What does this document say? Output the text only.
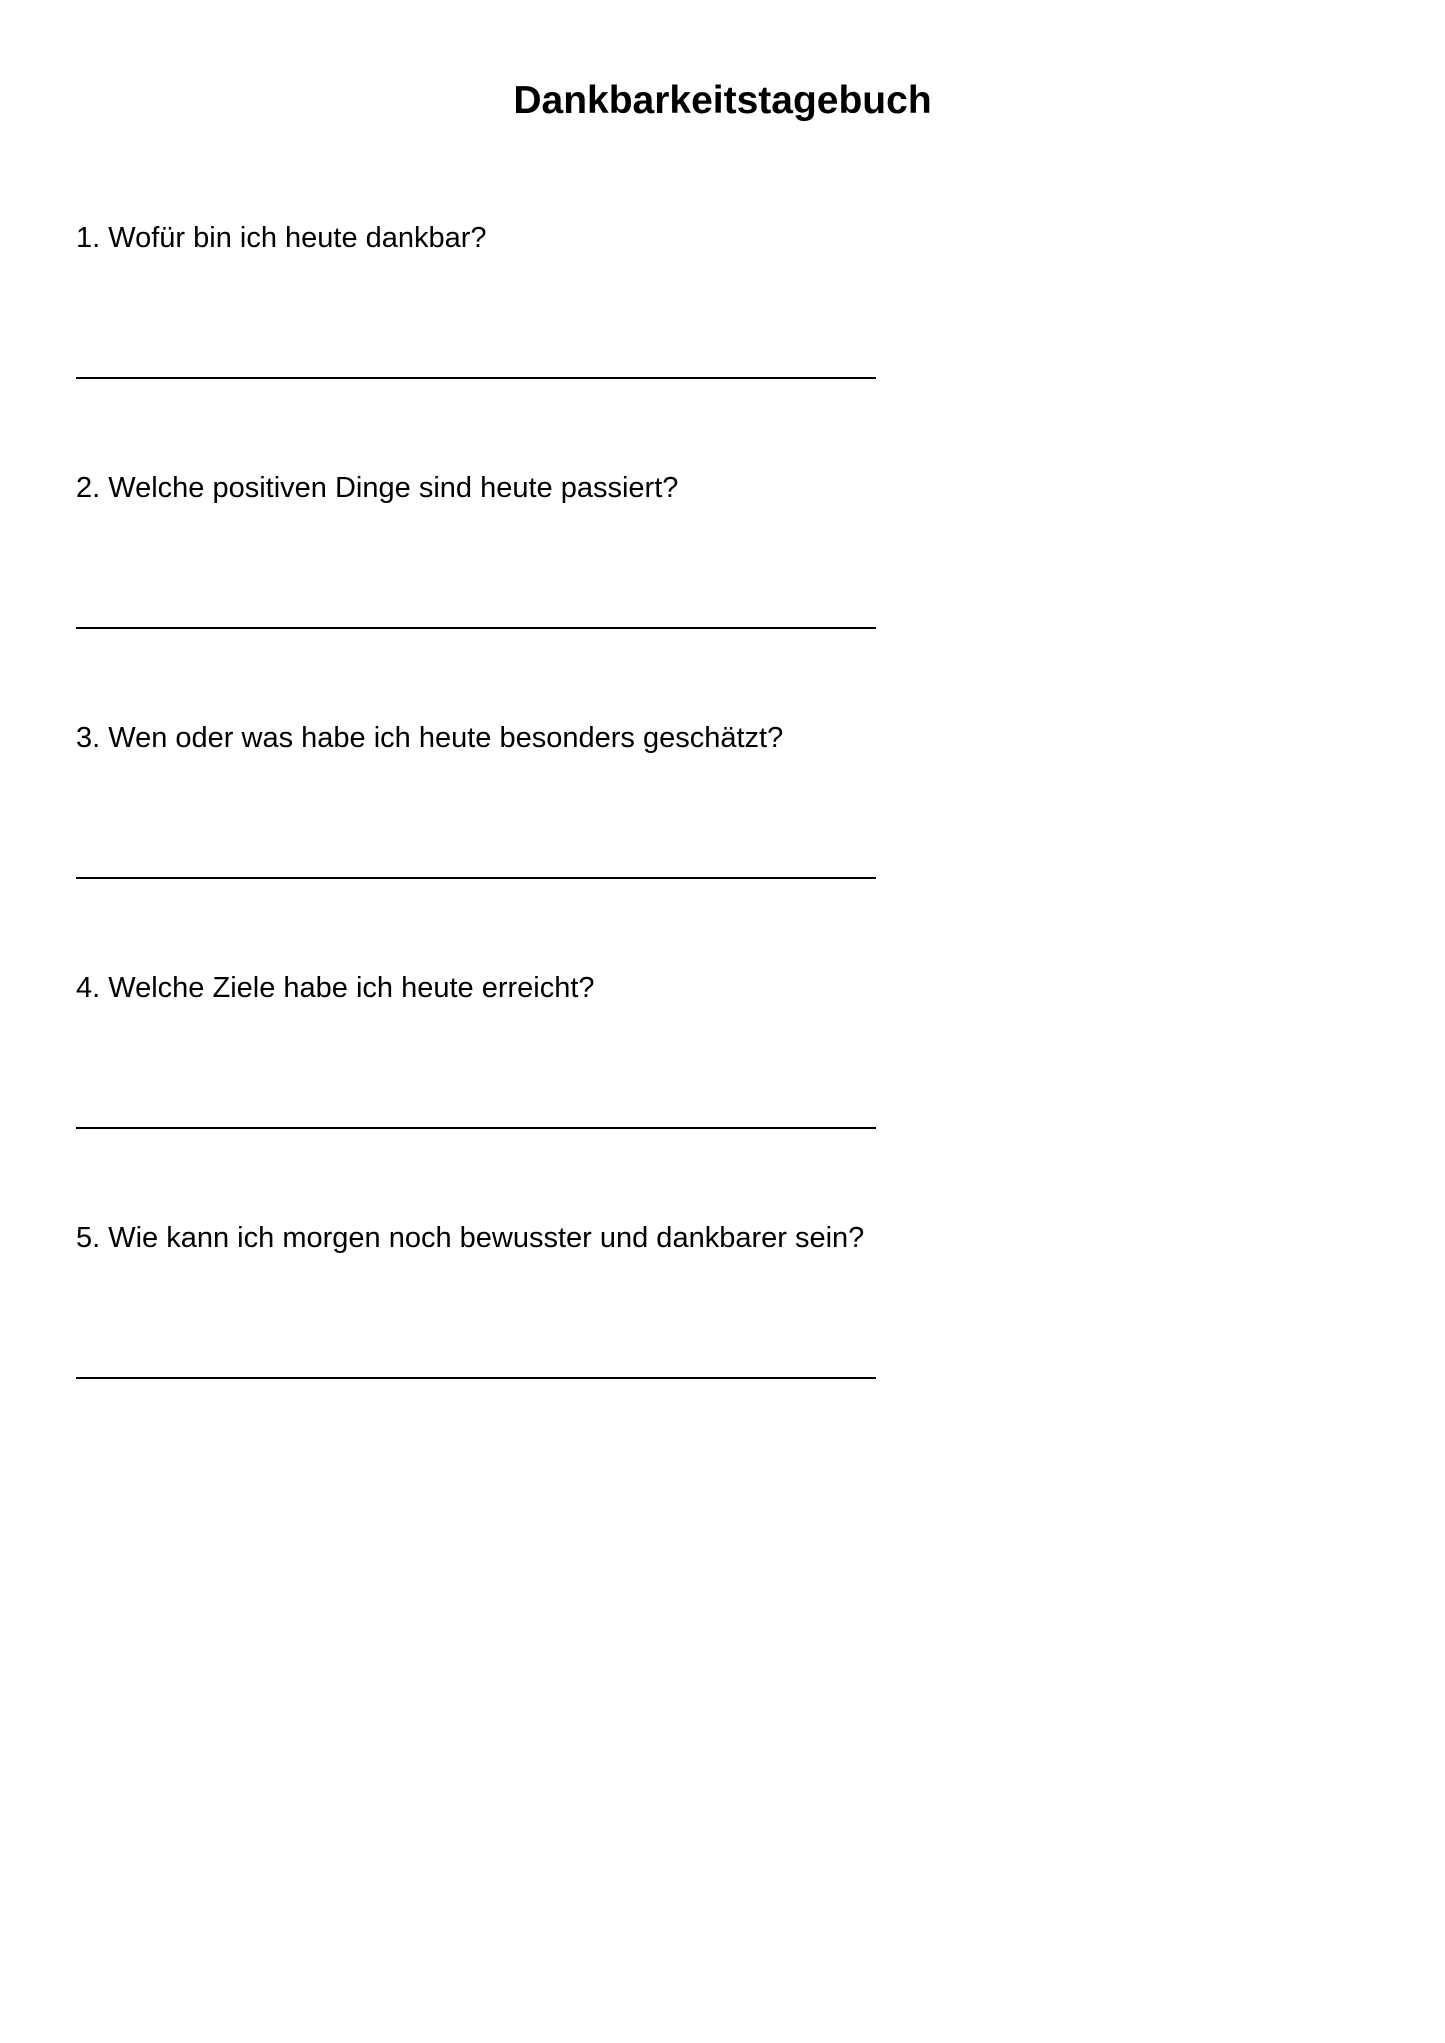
Dankbarkeitstagebuch
1. Wofür bin ich heute dankbar?
2. Welche positiven Dinge sind heute passiert?
3. Wen oder was habe ich heute besonders geschätzt?
4. Welche Ziele habe ich heute erreicht?
5. Wie kann ich morgen noch bewusster und dankbarer sein?
